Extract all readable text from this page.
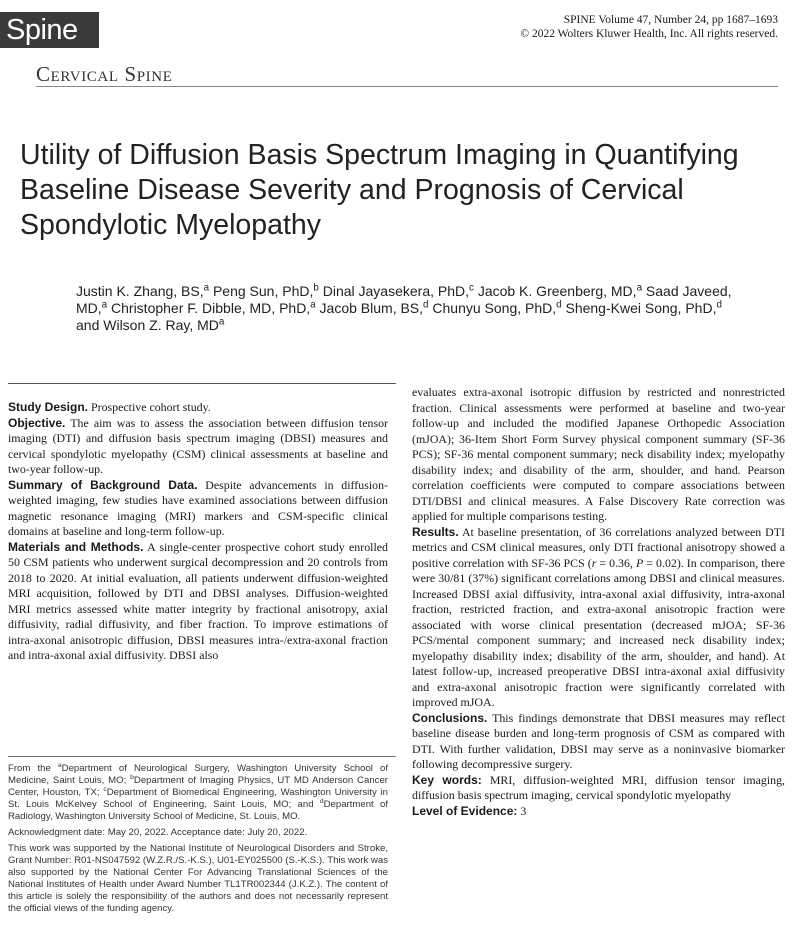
Spine	SPINE Volume 47, Number 24, pp 1687–1693
© 2022 Wolters Kluwer Health, Inc. All rights reserved.
Cervical Spine
Utility of Diffusion Basis Spectrum Imaging in Quantifying Baseline Disease Severity and Prognosis of Cervical Spondylotic Myelopathy
Justin K. Zhang, BS,$^a$ Peng Sun, PhD,$^b$ Dinal Jayasekera, PhD,$^c$ Jacob K. Greenberg, MD,$^a$ Saad Javeed, MD,$^a$ Christopher F. Dibble, MD, PhD,$^a$ Jacob Blum, BS,$^d$ Chunyu Song, PhD,$^d$ Sheng-Kwei Song, PhD,$^d$
and Wilson Z. Ray, $MD^a$

Study Design. Prospective cohort study.

Objective. The aim was to assess the association between diffusion tensor imaging (DTI) and diffusion basis spectrum imaging (DBSI) measures and cervical spondylotic myelopathy (CSM) clinical assessments at baseline and two-year follow-up.

Summary of Background Data. Despite advancements in diffusion-weighted imaging, few studies have examined associations between diffusion magnetic resonance imaging (MRI) markers and CSM-specific clinical domains at baseline and long-term follow-up.

Materials and Methods. A single-center prospective cohort study enrolled 50 CSM patients who underwent surgical decompression and 20 controls from 2018 to 2020. At initial evaluation, all patients underwent diffusion-weighted MRI acquisition, followed by DTI and DBSI analyses. Diffusion-weighted MRI metrics assessed white matter integrity by fractional anisotropy, axial diffusivity, radial diffusivity, and fiber fraction. To improve estimations of intra-axonal anisotropic diffusion, DBSI measures intra-/extra-axonal fraction and intra-axonal axial diffusivity. DBSI also

evaluates extra-axonal isotropic diffusion by restricted and nonrestricted fraction. Clinical assessments were performed at baseline and two-year follow-up and included the modified Japanese Orthopedic Association (mJOA); 36-Item Short Form Survey physical component summary (SF-36 PCS); SF-36 mental component summary; neck disability index; myelopathy disability index; and disability of the arm, shoulder, and hand. Pearson correlation coefficients were computed to compare associations between DTI/DBSI and clinical measures. A False Discovery Rate correction was applied for multiple comparisons testing.

Results. At baseline presentation, of 36 correlations analyzed between DTI metrics and CSM clinical measures, only DTI fractional anisotropy showed a positive correlation with SF-36 PCS (r = 0.36, P = 0.02). In comparison, there were 30/81 (37%) significant correlations among DBSI and clinical measures. Increased DBSI axial diffusivity, intra-axonal axial diffusivity, intra-axonal fraction, restricted fraction, and extra-axonal anisotropic fraction were associated with worse clinical presentation (decreased mJOA; SF-36 PCS/mental component summary; and increased neck disability index; myelopathy disability index; disability of the arm, shoulder, and hand). At latest follow-up, increased preoperative DBSI intra-axonal axial diffusivity and extra-axonal anisotropic fraction were significantly correlated with improved mJOA.

Conclusions. This findings demonstrate that DBSI measures may reflect baseline disease burden and long-term prognosis of CSM as compared with DTI. With further validation, DBSI may serve as a noninvasive biomarker following decompressive surgery.

Key words: MRI, diffusion-weighted MRI, diffusion tensor imaging, diffusion basis spectrum imaging, cervical spondylotic myelopathy

Level of Evidence: 3

From the $^a$Department of Neurological Surgery, Washington University School of Medicine, Saint Louis, MO; $^b$Department of Imaging Physics, UT MD Anderson Cancer Center, Houston, TX; $^c$Department of Biomedical Engineering, Washington University in St. Louis McKelvey School of Engineering, Saint Louis, MO; and $^d$Department of Radiology, Washington University School of Medicine, St. Louis, MO.

Acknowledgment date: May 20, 2022. Acceptance date: July 20, 2022.

This work was supported by the National Institute of Neurological Disorders and Stroke, Grant Number: R01-NS047592 (W.Z.R./S.-K.S.), U01-EY025500 (S.-K.S.). This work was also supported by the National Center For Advancing Translational Sciences of the National Institutes of Health under Award Number TL1TR002344 (J.K.Z.). The content of this article is solely the responsibility of the authors and does not necessarily represent the official views of the funding agency.
